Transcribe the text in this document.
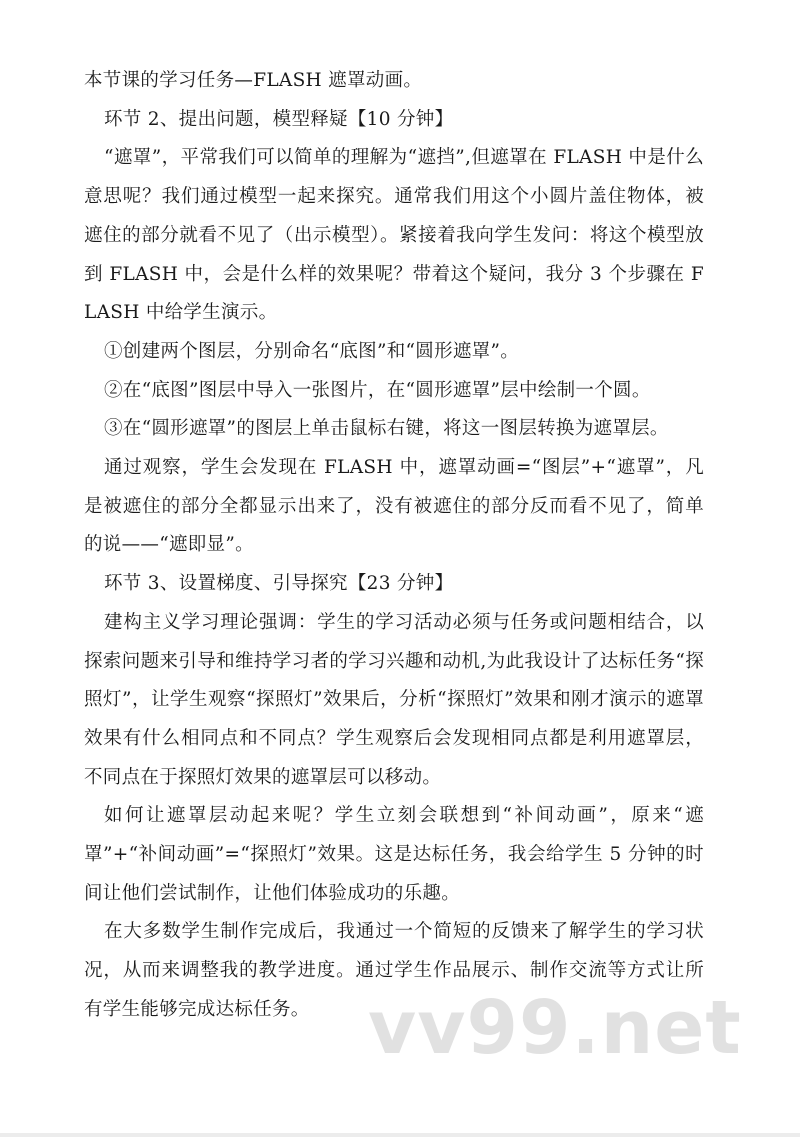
本节课的学习任务—FLASH 遮罩动画。

环节 2、提出问题，模型释疑【10 分钟】

“遮罩”，平常我们可以简单的理解为“遮挡”,但遮罩在 FLASH 中是什么意思呢？我们通过模型一起来探究。通常我们用这个小圆片盖住物体，被遮住的部分就看不见了（出示模型）。紧接着我向学生发问：将这个模型放到 FLASH 中，会是什么样的效果呢？带着这个疑问，我分 3 个步骤在 FLASH 中给学生演示。

①创建两个图层，分别命名“底图”和“圆形遮罩”。

②在“底图”图层中导入一张图片，在“圆形遮罩”层中绘制一个圆。

③在“圆形遮罩”的图层上单击鼠标右键，将这一图层转换为遮罩层。

通过观察，学生会发现在 FLASH 中，遮罩动画=“图层”+“遮罩”，凡是被遮住的部分全都显示出来了，没有被遮住的部分反而看不见了，简单的说——“遮即显”。

环节 3、设置梯度、引导探究【23 分钟】

建构主义学习理论强调：学生的学习活动必须与任务或问题相结合，以探索问题来引导和维持学习者的学习兴趣和动机,为此我设计了达标任务“探照灯”，让学生观察“探照灯”效果后，分析“探照灯”效果和刚才演示的遮罩效果有什么相同点和不同点？学生观察后会发现相同点都是利用遮罩层，不同点在于探照灯效果的遮罩层可以移动。

如何让遮罩层动起来呢？学生立刻会联想到“补间动画”，原来“遮罩”+“补间动画”=“探照灯”效果。这是达标任务，我会给学生 5 分钟的时间让他们尝试制作，让他们体验成功的乐趣。

在大多数学生制作完成后，我通过一个简短的反馈来了解学生的学习状况，从而来调整我的教学进度。通过学生作品展示、制作交流等方式让所有学生能够完成达标任务。 vv99.net
